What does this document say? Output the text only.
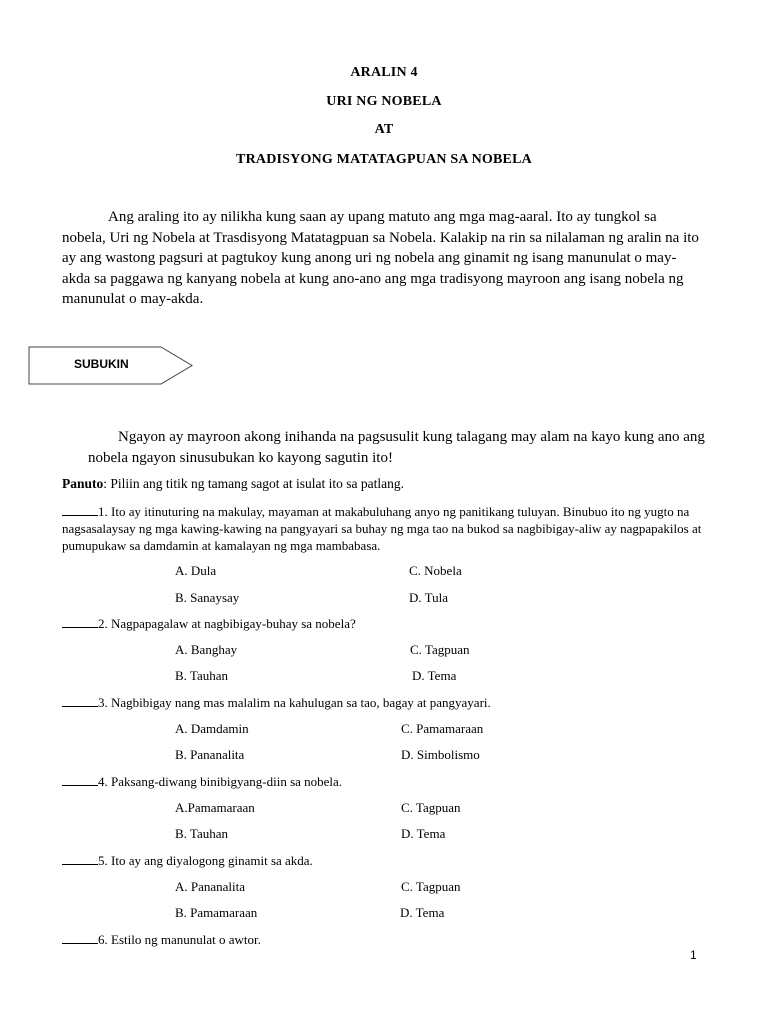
ARALIN 4
URI NG NOBELA
AT
TRADISYONG MATATAGPUAN SA NOBELA
Ang araling ito ay nilikha kung saan ay upang matuto ang mga mag-aaral. Ito ay tungkol sa nobela, Uri ng Nobela at Trasdisyong Matatagpuan sa Nobela. Kalakip na rin sa nilalaman ng aralin na ito ay ang wastong pagsuri at pagtukoy kung anong uri ng nobela ang ginamit ng isang manunulat o may-akda sa paggawa ng kanyang nobela at kung ano-ano ang mga tradisyong mayroon ang isang nobela ng manunulat o may-akda.
SUBUKIN
Ngayon ay mayroon akong inihanda na pagsusulit kung talagang may alam na kayo kung ano ang nobela ngayon sinusubukan ko kayong sagutin ito!
Panuto: Piliin ang titik ng tamang sagot at isulat ito sa patlang.
1. Ito ay itinuturing na makulay, mayaman at makabuluhang anyo ng panitikang tuluyan. Binubuo ito ng yugto na nagsasalaysay ng mga kawing-kawing na pangyayari sa buhay ng mga tao na bukod sa nagbibigay-aliw ay nagpapakilos at pumupukaw sa damdamin at kamalayan ng mga mambabasa.
A. Dula	C. Nobela
B. Sanaysay	D. Tula
2. Nagpapagalaw at nagbibigay-buhay sa nobela?
A. Banghay	C. Tagpuan
B. Tauhan	D. Tema
3. Nagbibigay nang mas malalim na kahulugan sa tao, bagay at pangyayari.
A. Damdamin	C. Pamamaraan
B. Pananalita	D. Simbolismo
4. Paksang-diwang binibigyang-diin sa nobela.
A.Pamamaraan	C. Tagpuan
B. Tauhan	D. Tema
5. Ito ay ang diyalogong ginamit sa akda.
A. Pananalita	C. Tagpuan
B. Pamamaraan	D. Tema
6. Estilo ng manunulat o awtor.
1
